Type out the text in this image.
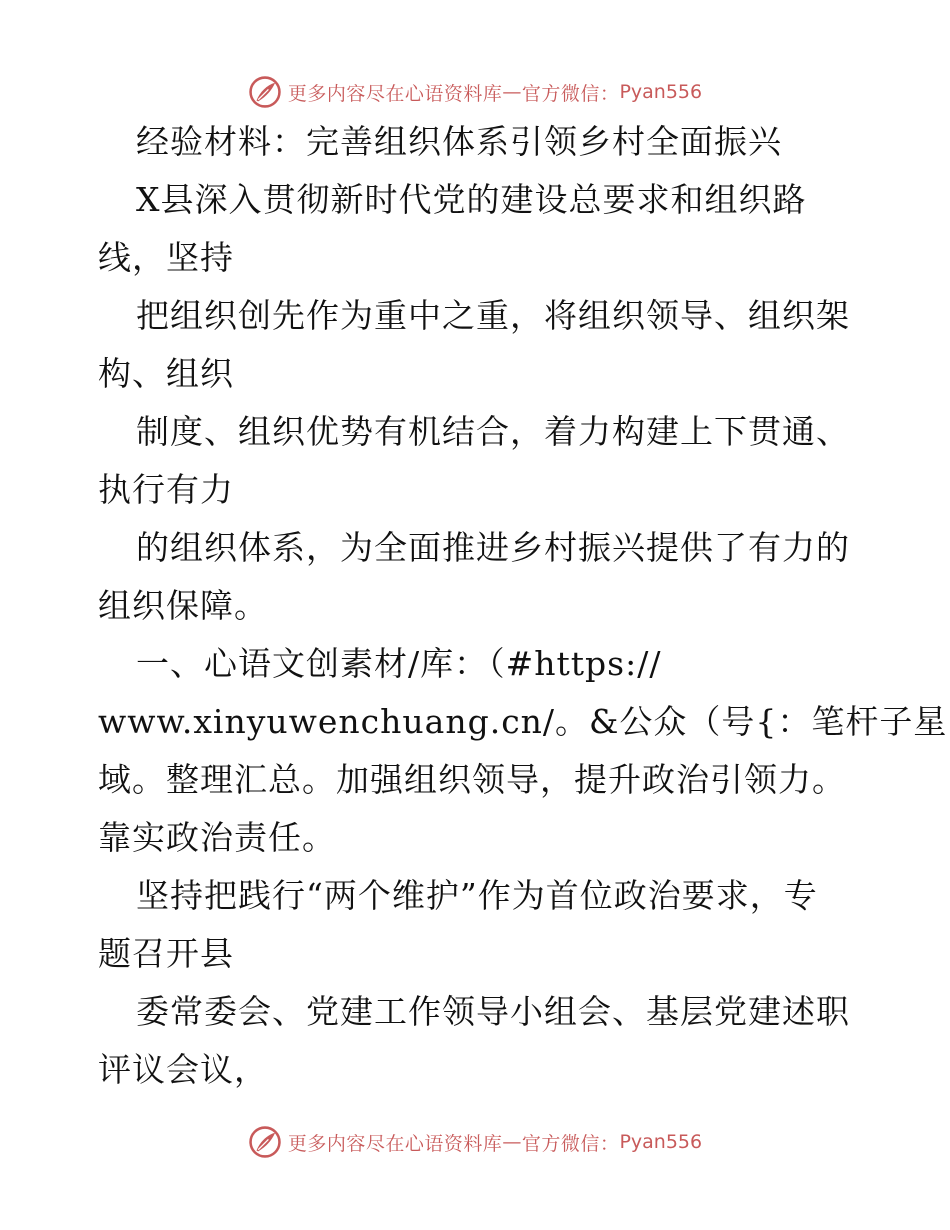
更多内容尽在心语资料库 — 官方微信： Pyan556
经验材料：完善组织体系引领乡村全面振兴
X县深入贯彻新时代党的建设总要求和组织路
线，坚持
把组织创先作为重中之重，将组织领导、组织架
构、组织
制度、组织优势有机结合，着力构建上下贯通、
执行有力
的组织体系，为全面推进乡村振兴提供了有力的
组织保障。
一、心语文创素材/库：（#https://
www.xinyuwenchuang.cn/。&公众（号{：笔杆子星
域。整理汇总。加强组织领导，提升政治引领力。
靠实政治责任。
坚持把践行“两个维护”作为首位政治要求，专
题召开县
委常委会、党建工作领导小组会、基层党建述职
评议会议，
更多内容尽在心语资料库 — 官方微信： Pyan556
